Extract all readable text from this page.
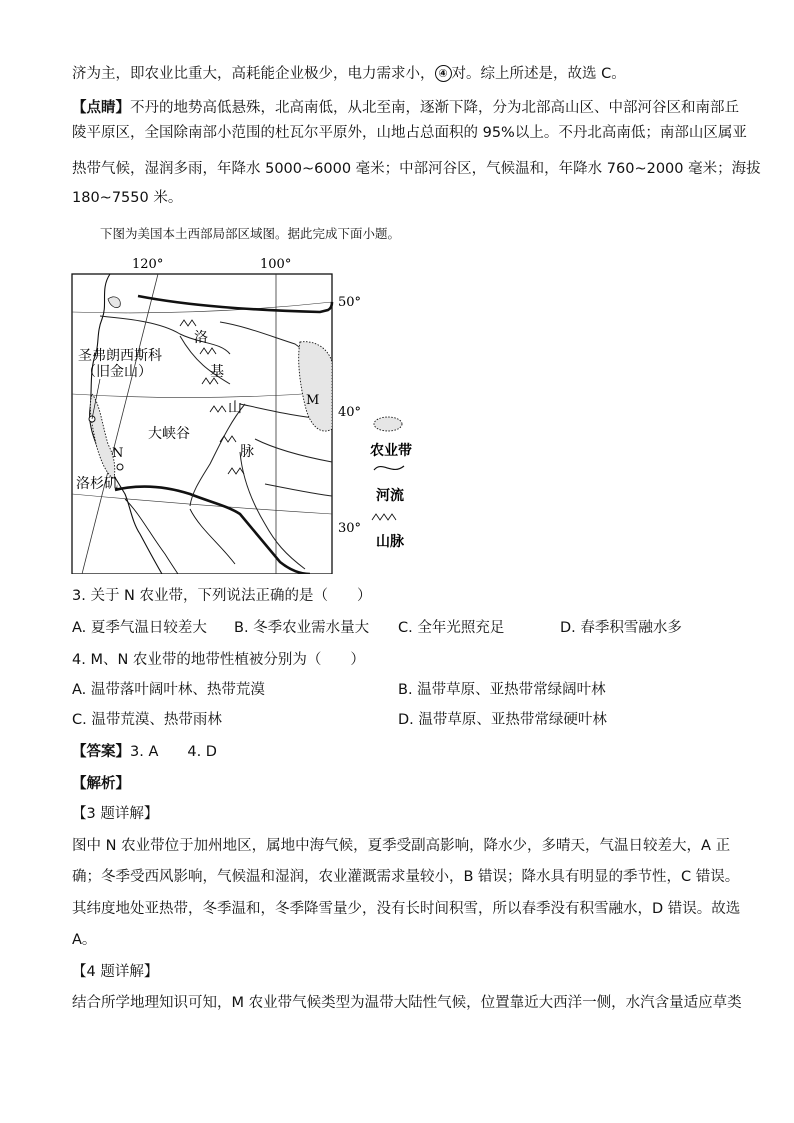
济为主，即农业比重大，高耗能企业极少，电力需求小， ④ 对。综上所述是，故选 C。
【点睛】不丹的地势高低悬殊，北高南低，从北至南，逐渐下降，分为北部高山区、中部河谷区和南部丘
陵平原区，全国除南部小范围的杜瓦尔平原外，山地占总面积的 95%以上。不丹北高南低；南部山区属亚
热带气候，湿润多雨，年降水 5000~6000 毫米；中部河谷区，气候温和，年降水 760~2000 毫米；海拔
180~7550 米。
下图为美国本土西部局部区域图。据此完成下面小题。
120°	100°
50°
40°
30°
圣弗朗西斯科
（旧金山）
洛杉矶
N
M
大峡谷
洛
基
山
脉	农业带
河流
山脉
3. 关于 N 农业带，下列说法正确的是（　　）
A. 夏季气温日较差大 B. 冬季农业需水量大 C. 全年光照充足	D. 春季积雪融水多
4. M、N 农业带的地带性植被分别为（　　）
A. 温带落叶阔叶林、热带荒漠	B. 温带草原、亚热带常绿阔叶林
C. 温带荒漠、热带雨林	D. 温带草原、亚热带常绿硬叶林
【答案】3. A　　4. D
【解析】
【3 题详解】
图中 N 农业带位于加州地区，属地中海气候，夏季受副高影响，降水少，多晴天，气温日较差大，A 正
确；冬季受西风影响，气候温和湿润，农业灌溉需求量较小，B 错误；降水具有明显的季节性，C 错误。
其纬度地处亚热带，冬季温和，冬季降雪量少，没有长时间积雪，所以春季没有积雪融水，D 错误。故选
A。
【4 题详解】
结合所学地理知识可知，M 农业带气候类型为温带大陆性气候，位置靠近大西洋一侧，水汽含量适应草类
